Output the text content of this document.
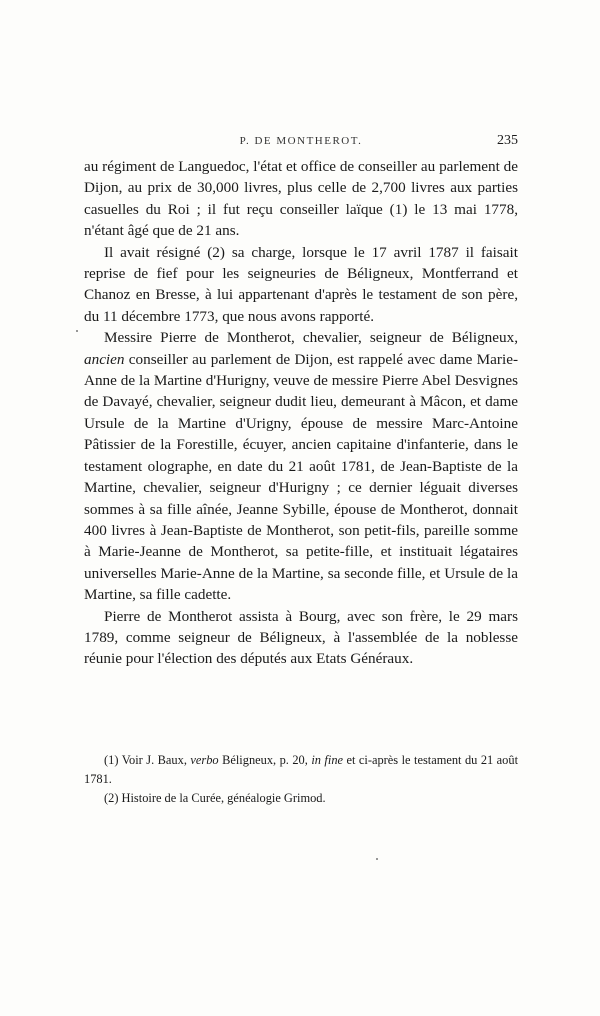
P. DE MONTHEROT.	235

au régiment de Languedoc, l'état et office de conseiller au parlement de Dijon, au prix de 30,000 livres, plus celle de 2,700 livres aux parties casuelles du Roi ; il fut reçu conseiller laïque (1) le 13 mai 1778, n'étant âgé que de 21 ans.

Il avait résigné (2) sa charge, lorsque le 17 avril 1787 il faisait reprise de fief pour les seigneuries de Béligneux, Montferrand et Chanoz en Bresse, à lui appartenant d'après le testament de son père, du 11 décembre 1773, que nous avons rapporté.

Messire Pierre de Montherot, chevalier, seigneur de Béligneux, ancien conseiller au parlement de Dijon, est rappelé avec dame Marie-Anne de la Martine d'Hurigny, veuve de messire Pierre Abel Desvignes de Davayé, chevalier, seigneur dudit lieu, demeurant à Mâcon, et dame Ursule de la Martine d'Urigny, épouse de messire Marc-Antoine Pâtissier de la Forestille, écuyer, ancien capitaine d'infanterie, dans le testament olographe, en date du 21 août 1781, de Jean-Baptiste de la Martine, chevalier, seigneur d'Hurigny ; ce dernier léguait diverses sommes à sa fille aînée, Jeanne Sybille, épouse de Montherot, donnait 400 livres à Jean-Baptiste de Montherot, son petit-fils, pareille somme à Marie-Jeanne de Montherot, sa petite-fille, et instituait légataires universelles Marie-Anne de la Martine, sa seconde fille, et Ursule de la Martine, sa fille cadette.

Pierre de Montherot assista à Bourg, avec son frère, le 29 mars 1789, comme seigneur de Béligneux, à l'assemblée de la noblesse réunie pour l'élection des députés aux Etats Généraux.

(1) Voir J. Baux, verbo Béligneux, p. 20, in fine et ci-après le testament du 21 août 1781.

(2) Histoire de la Curée, généalogie Grimod.
